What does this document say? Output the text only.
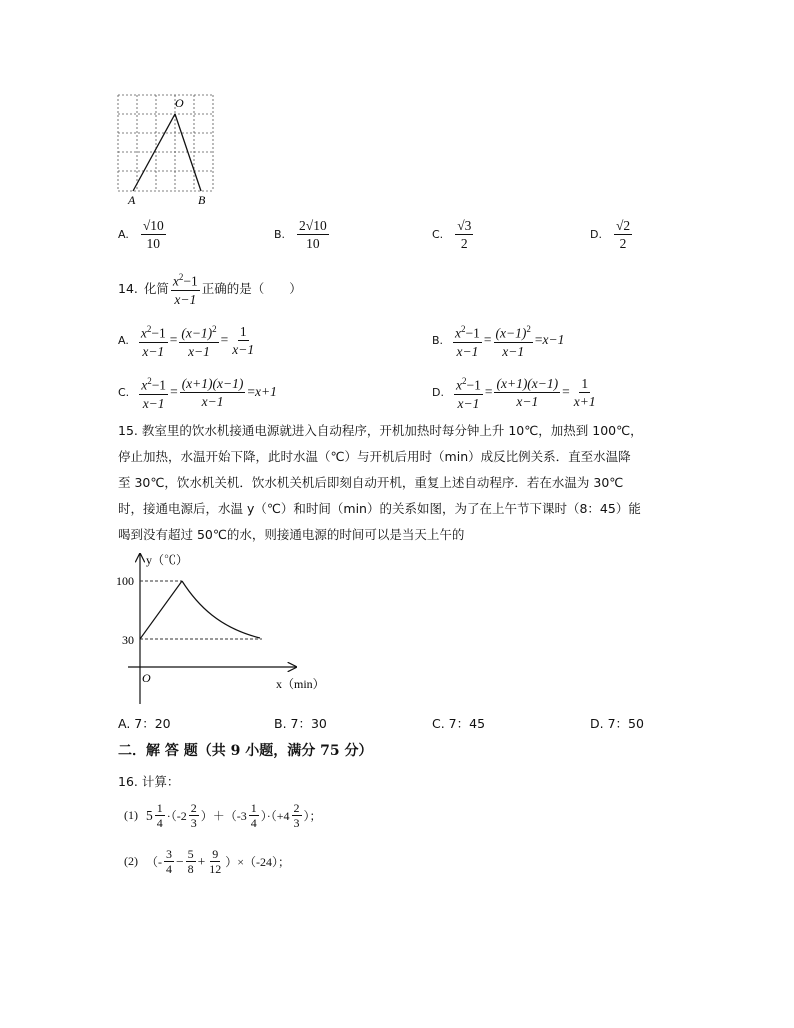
O
A	B
A. $\frac{√10}{10}$	B. $\frac{2√10}{10}$	C. $\frac{√3}{2}$	D. $\frac{√2}{2}$
14. 化简 $\frac{x^2-1}{x-1}$ 正确的是（　　）
A. $\frac{x^2-1}{x-1} = \frac{(x-1)^2}{x-1} = \frac{1}{x-1}$	B. $\frac{x^2-1}{x-1} = \frac{(x-1)^2}{x-1} = x-1$
C. $\frac{x^2-1}{x-1} = \frac{(x+1)(x-1)}{x-1} = x+1$	D. $\frac{x^2-1}{x-1} = \frac{(x+1)(x-1)}{x-1} = \frac{1}{x+1}$
15. 教室里的饮水机接通电源就进入自动程序，开机加热时每分钟上升 10℃，加热到 100℃，
停止加热，水温开始下降，此时水温（℃）与开机后用时（min）成反比例关系．直至水温降
至 30℃，饮水机关机．饮水机关机后即刻自动开机，重复上述自动程序．若在水温为 30℃
时，接通电源后，水温 y（℃）和时间（min）的关系如图，为了在上午节下课时（8：45）能
喝到没有超过 50℃的水，则接通电源的时间可以是当天上午的
y（℃）
x（min）
O
100
30
A. 7：20	B. 7：30	C. 7：45	D. 7：50
二．解 答 题（共 9 小题，满分 75 分）
16. 计算：
(1) $5 \frac{1}{4} \cdot(-2 \frac{2}{3} )+(-3 \frac{1}{4} )\cdot(+4 \frac{2}{3}$ ）；
(2) （- $\frac{3}{4} - \frac{5}{8} + \frac{9}{12} )\times(-24)$；
